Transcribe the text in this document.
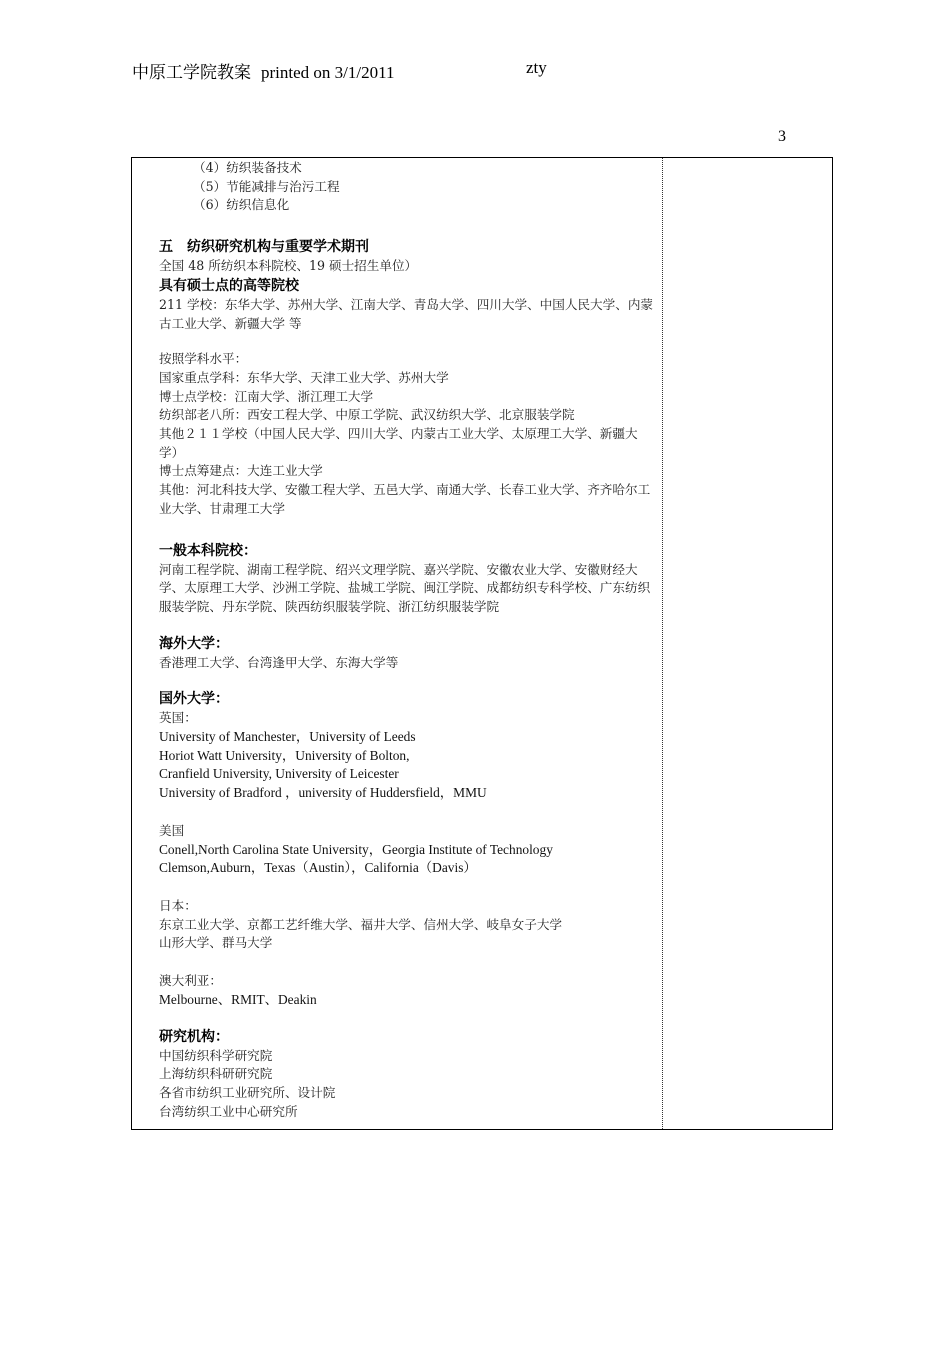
中原工学院教案 printed on 3/1/2011	zty
3
（4）纺织装备技术
（5）节能减排与治污工程
（6）纺织信息化
五　纺织研究机构与重要学术期刊
全国 48 所纺织本科院校、19 硕士招生单位）
具有硕士点的高等院校
211 学校：东华大学、苏州大学、江南大学、青岛大学、四川大学、中国人民大学、内蒙古工业大学、新疆大学 等
按照学科水平：
国家重点学科：东华大学、天津工业大学、苏州大学
博士点学校：江南大学、浙江理工大学
纺织部老八所：西安工程大学、中原工学院、武汉纺织大学、北京服装学院
其他２１１学校（中国人民大学、四川大学、内蒙古工业大学、太原理工大学、新疆大学）
博士点筹建点：大连工业大学
其他：河北科技大学、安徽工程大学、五邑大学、南通大学、长春工业大学、齐齐哈尔工业大学、甘肃理工大学
一般本科院校：
河南工程学院、湖南工程学院、绍兴文理学院、嘉兴学院、安徽农业大学、安徽财经大学、太原理工大学、沙洲工学院、盐城工学院、闽江学院、成都纺织专科学校、广东纺织服装学院、丹东学院、陕西纺织服装学院、浙江纺织服装学院
海外大学：
香港理工大学、台湾逢甲大学、东海大学等
国外大学：
英国：
University of Manchester，University of Leeds
Horiot Watt University，University of Bolton,
Cranfield University, University of Leicester
University of Bradford ，university of Huddersfield，MMU
美国
Conell,North Carolina State University，Georgia Institute of Technology
Clemson,Auburn，Texas（Austin），California（Davis）
日本：
东京工业大学、京都工艺纤维大学、福井大学、信州大学、岐阜女子大学
山形大学、群马大学
澳大利亚：
Melbourne、RMIT、Deakin
研究机构：
中国纺织科学研究院
上海纺织科研研究院
各省市纺织工业研究所、设计院
台湾纺织工业中心研究所
